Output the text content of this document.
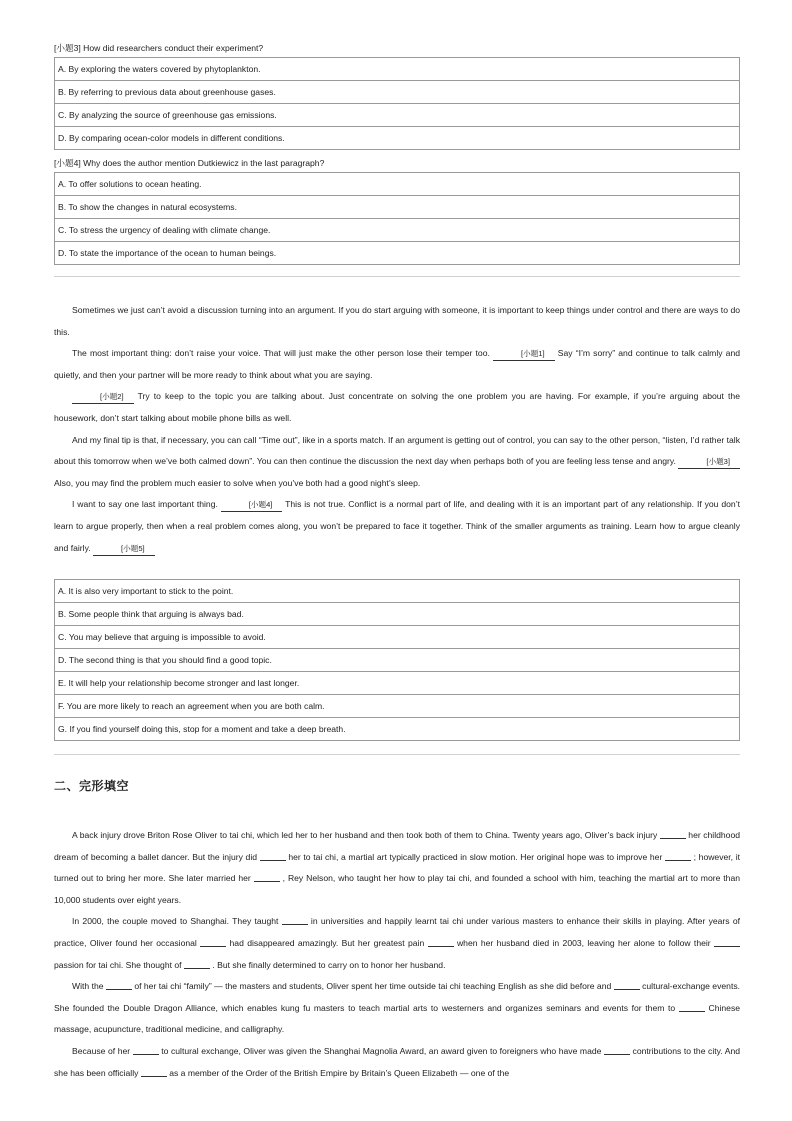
[小题3] How did researchers conduct their experiment?
A. By exploring the waters covered by phytoplankton.
B. By referring to previous data about greenhouse gases.
C. By analyzing the source of greenhouse gas emissions.
D. By comparing ocean-color models in different conditions.
[小题4] Why does the author mention Dutkiewicz in the last paragraph?
A. To offer solutions to ocean heating.
B. To show the changes in natural ecosystems.
C. To stress the urgency of dealing with climate change.
D. To state the importance of the ocean to human beings.

Sometimes we just can’t avoid a discussion turning into an argument. If you do start arguing with someone, it is important to keep things under control and there are ways to do this.

The most important thing: don’t raise your voice. That will just make the other person lose their temper too.	[小题1] Say “I’m sorry” and continue to talk calmly and quietly, and then your partner will be more ready to think about what you are saying.

[小题2] Try to keep to the topic you are talking about. Just concentrate on solving the one problem you are having. For example, if you’re arguing about the housework, don’t start talking about mobile phone bills as well.

And my final tip is that, if necessary, you can call “Time out”, like in a sports match. If an argument is getting out of control, you can say to the other person, “listen, I’d rather talk about this tomorrow when we’ve both calmed down”. You can then continue the discussion the next day when perhaps both of you are feeling less tense and angry.	[小题3] Also, you may find the problem much easier to solve when you’ve both had a good night’s sleep.

I want to say one last important thing.	[小题4] This is not true. Conflict is a normal part of life, and dealing with it is an important part of any relationship. If you don’t learn to argue properly, then when a real problem comes along, you won’t be prepared to face it together. Think of the smaller arguments as training. Learn how to argue cleanly and fairly.	[小题5]

A. It is also very important to stick to the point.
B. Some people think that arguing is always bad.
C. You may believe that arguing is impossible to avoid.
D. The second thing is that you should find a good topic.
E. It will help your relationship become stronger and last longer.
F. You are more likely to reach an agreement when you are both calm.
G. If you find yourself doing this, stop for a moment and take a deep breath.
二、完形填空

A back injury drove Briton Rose Oliver to tai chi, which led her to her husband and then took both of them to China. Twenty years ago, Oliver’s back injury	her childhood dream of becoming a ballet dancer. But the injury did	her to tai chi, a martial art typically practiced in slow motion. Her original hope was to improve her	; however, it turned out to bring her more. She later married her	, Rey Nelson, who taught her how to play tai chi, and founded a school with him, teaching the martial art to more than 10,000 students over eight years.

In 2000, the couple moved to Shanghai. They taught	in universities and happily learnt tai chi under various masters to enhance their skills in playing. After years of practice, Oliver found her occasional	had disappeared amazingly. But her greatest pain	when her husband died in 2003, leaving her alone to follow their  passion for tai chi. She thought of	. But she finally determined to carry on to honor her husband.

With the	of her tai chi “family” — the masters and students, Oliver spent her time outside tai chi teaching English as she did before and	cultural-exchange events. She founded the Double Dragon Alliance, which enables kung fu masters to teach martial arts to westerners and organizes seminars and events for them to	Chinese massage, acupuncture, traditional medicine, and calligraphy.

Because of her	to cultural exchange, Oliver was given the Shanghai Magnolia Award, an award given to foreigners who have made	contributions to the city. And she has been officially	as a member of the Order of the British Empire by Britain’s Queen Elizabeth — one of the
